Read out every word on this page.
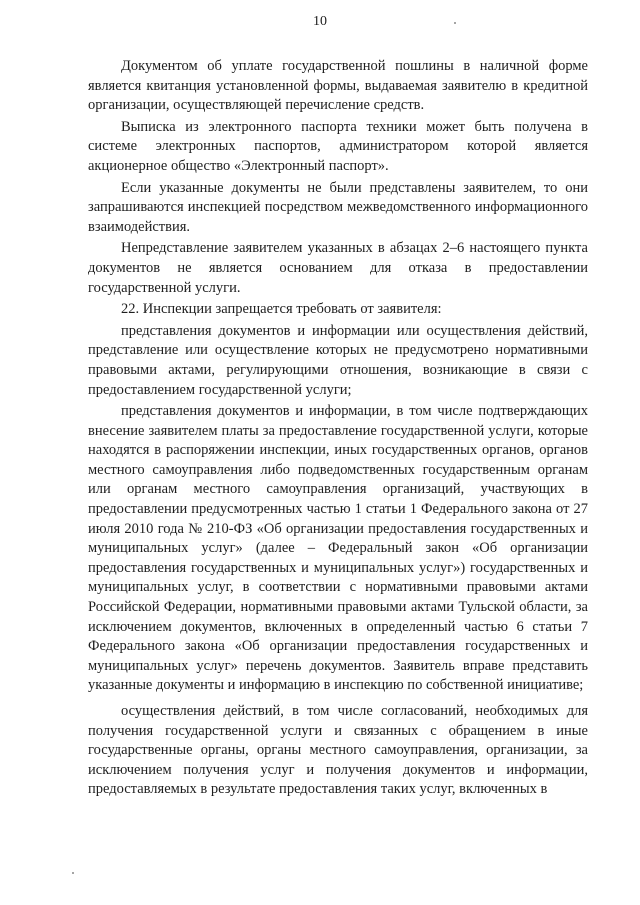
10

Документом об уплате государственной пошлины в наличной форме является квитанция установленной формы, выдаваемая заявителю в кредитной организации, осуществляющей перечисление средств.

Выписка из электронного паспорта техники может быть получена в системе электронных паспортов, администратором которой является акционерное общество «Электронный паспорт».

Если указанные документы не были представлены заявителем, то они запрашиваются инспекцией посредством межведомственного информационного взаимодействия.

Непредставление заявителем указанных в абзацах 2–6 настоящего пункта документов не является основанием для отказа в предоставлении государственной услуги.

22. Инспекции запрещается требовать от заявителя:

представления документов и информации или осуществления действий, представление или осуществление которых не предусмотрено нормативными правовыми актами, регулирующими отношения, возникающие в связи с предоставлением государственной услуги;

представления документов и информации, в том числе подтверждающих внесение заявителем платы за предоставление государственной услуги, которые находятся в распоряжении инспекции, иных государственных органов, органов местного самоуправления либо подведомственных государственным органам или органам местного самоуправления организаций, участвующих в предоставлении предусмотренных частью 1 статьи 1 Федерального закона от 27 июля 2010 года № 210-ФЗ «Об организации предоставления государственных и муниципальных услуг» (далее – Федеральный закон «Об организации предоставления государственных и муниципальных услуг») государственных и муниципальных услуг, в соответствии с нормативными правовыми актами Российской Федерации, нормативными правовыми актами Тульской области, за исключением документов, включенных в определенный частью 6 статьи 7 Федерального закона «Об организации предоставления государственных и муниципальных услуг» перечень документов. Заявитель вправе представить указанные документы и информацию в инспекцию по собственной инициативе;

осуществления действий, в том числе согласований, необходимых для получения государственной услуги и связанных с обращением в иные государственные органы, органы местного самоуправления, организации, за исключением получения услуг и получения документов и информации, предоставляемых в результате предоставления таких услуг, включенных в
